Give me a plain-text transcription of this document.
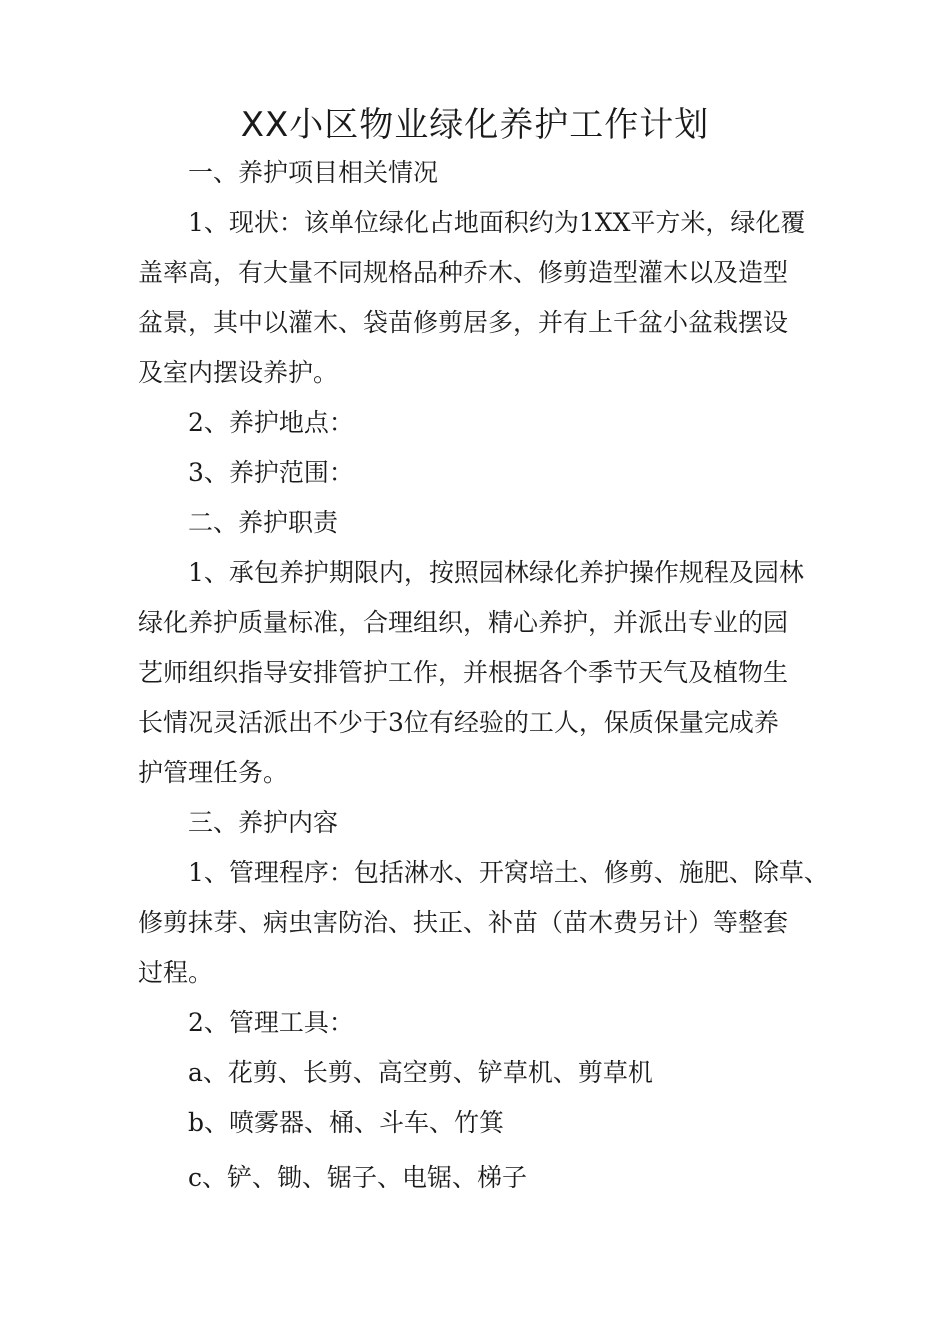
XX小区物业绿化养护工作计划
一、养护项目相关情况
1、现状：该单位绿化占地面积约为1XX平方米，绿化覆
盖率高，有大量不同规格品种乔木、修剪造型灌木以及造型
盆景，其中以灌木、袋苗修剪居多，并有上千盆小盆栽摆设
及室内摆设养护。
2、养护地点：
3、养护范围：
二、养护职责
1、承包养护期限内，按照园林绿化养护操作规程及园林
绿化养护质量标准，合理组织，精心养护，并派出专业的园
艺师组织指导安排管护工作，并根据各个季节天气及植物生
长情况灵活派出不少于3位有经验的工人，保质保量完成养
护管理任务。
三、养护内容
1、管理程序：包括淋水、开窝培土、修剪、施肥、除草、
修剪抹芽、病虫害防治、扶正、补苗（苗木费另计）等整套
过程。
2、管理工具：
a、花剪、长剪、高空剪、铲草机、剪草机
b、喷雾器、桶、斗车、竹箕
c、铲、锄、锯子、电锯、梯子
